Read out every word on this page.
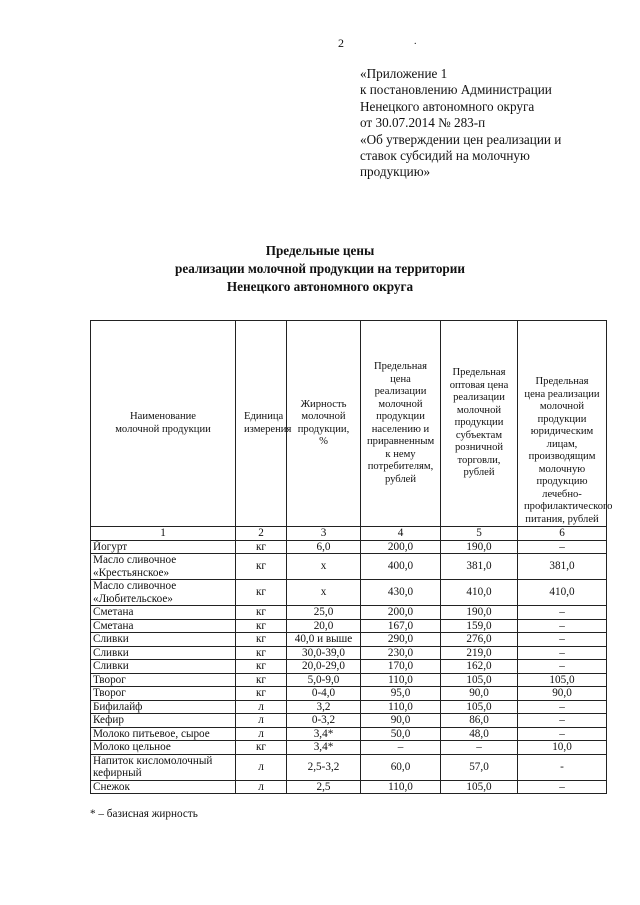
2	.
«Приложение 1
к постановлению Администрации
Ненецкого автономного округа
от 30.07.2014 № 283-п
«Об утверждении цен реализации и
ставок субсидий на молочную
продукцию»
Предельные цены
реализации молочной продукции на территории
Ненецкого автономного округа
Наименование молочной продукции	Единица измерения	Жирность молочной продукции, %	Предельная цена реализации молочной продукции населению и приравненным к нему потребителям, рублей	Предельная оптовая цена реализации молочной продукции субъектам розничной торговли, рублей	Предельная цена реализации молочной продукции юридическим лицам, производящим молочную продукцию лечебно-профилактического питания, рублей
1	2	3	4	5	6
Йогурт	кг	6,0	200,0	190,0	–
Масло сливочное «Крестьянское»	кг	х	400,0	381,0	381,0
Масло сливочное «Любительское»	кг	х	430,0	410,0	410,0
Сметана	кг	25,0	200,0	190,0	–
Сметана	кг	20,0	167,0	159,0	–
Сливки	кг	40,0 и выше	290,0	276,0	–
Сливки	кг	30,0-39,0	230,0	219,0	–
Сливки	кг	20,0-29,0	170,0	162,0	–
Творог	кг	5,0-9,0	110,0	105,0	105,0
Творог	кг	0-4,0	95,0	90,0	90,0
Бифилайф	л	3,2	110,0	105,0	–
Кефир	л	0-3,2	90,0	86,0	–
Молоко питьевое, сырое	л	3,4*	50,0	48,0	–
Молоко цельное	кг	3,4*	–	–	10,0
Напиток кисломолочный кефирный	л	2,5-3,2	60,0	57,0	-
Снежок	л	2,5	110,0	105,0	–
* – базисная жирность
